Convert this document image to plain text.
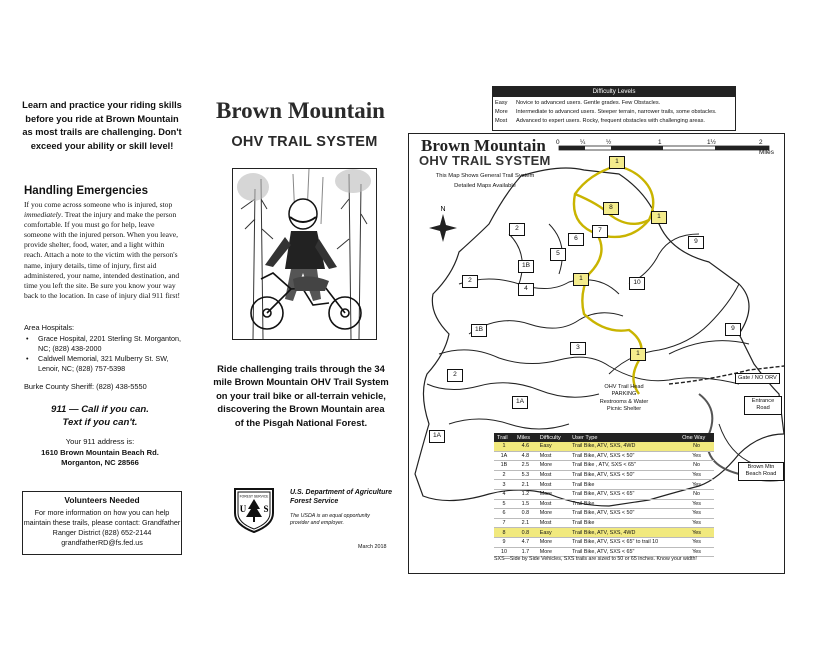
Learn and practice your riding skills before you ride at Brown Mountain as most trails are challenging. Don't exceed your ability or skill level!
Handling Emergencies
If you come across someone who is injured, stop immediately. Treat the injury and make the person comfortable. If you must go for help, leave someone with the injured person. When you leave, provide shelter, food, water, and a light within reach. Attach a note to the victim with the person's name, injury details, time of injury, first aid administered, your name, intended destination, and time you left the site. Be sure you know your way back to the location. In case of injury dial 911 first!
Area Hospitals:
• Grace Hospital, 2201 Sterling St. Morganton, NC; (828) 438-2000
• Caldwell Memorial, 321 Mulberry St. SW, Lenoir, NC; (828) 757-5398
Burke County Sheriff: (828) 438-5550
911 — Call if you can.
Text if you can't.
Your 911 address is:
1610 Brown Mountain Beach Rd.
Morganton, NC 28566
Volunteers Needed
For more information on how you can help maintain these trails, please contact: Grandfather Ranger District (828) 652-2144 grandfatherRD@fs.fed.us
Brown Mountain
OHV TRAIL SYSTEM
Ride challenging trails through the 34 mile Brown Mountain OHV Trail System on your trail bike or all-terrain vehicle, discovering the Brown Mountain area of the Pisgah National Forest.
FOREST SERVICE
U S
U.S. Department of Agriculture
Forest Service
The USDA is an equal opportunity provider and employer.
March 2018
Difficulty Levels
Easy Novice to advanced users. Gentle grades. Few Obstacles.
More Intermediate to advanced users. Steeper terrain, narrower trails, some obstacles.
Most Advanced to expert users. Rocky, frequent obstacles with challenging areas.
N
Brown Mountain
OHV TRAIL SYSTEM
This Map Shows General Trail System
Detailed Maps Available
0	¼	½	1	1½	2
Miles
1
8
1
1
1
2
6
7
5
1B
2
4
10
9
9
1B
3
2
1A
1A
OHV Trail Head
PARKING
Restrooms & Water
Picnic Shelter
Gate / NO ORV
Entrance
Road
Brown Mtn
Beach Road
Trail	Miles	Difficulty	User Type	One Way
1	4.6	Easy	Trail Bike, ATV, SXS, 4WD	No
1A	4.8	Most	Trail Bike, ATV, SXS < 50"	Yes
1B	2.5	More	Trail Bike , ATV, SXS < 65"	No
2	5.3	Most	Trail Bike, ATV, SXS < 50"	Yes
3	2.1	Most	Trail Bike	Yes
4	1.2	More	Trail Bike, ATV, SXS < 65"	No
5	1.5	Most	Trail Bike	Yes
6	0.8	More	Trail Bike, ATV, SXS < 50"	Yes
7	2.1	Most	Trail Bike	Yes
8	0.8	Easy	Trail Bike, ATV, SXS, 4WD	Yes
9	4.7	More	Trail Bike, ATV, SXS < 65" to trail 10	Yes
10	1.7	More	Trail Bike, ATV, SXS < 65"	Yes
SXS—Side by Side Vehicles, SXS trails are sized to 50 or 65 inches. Know your width!
